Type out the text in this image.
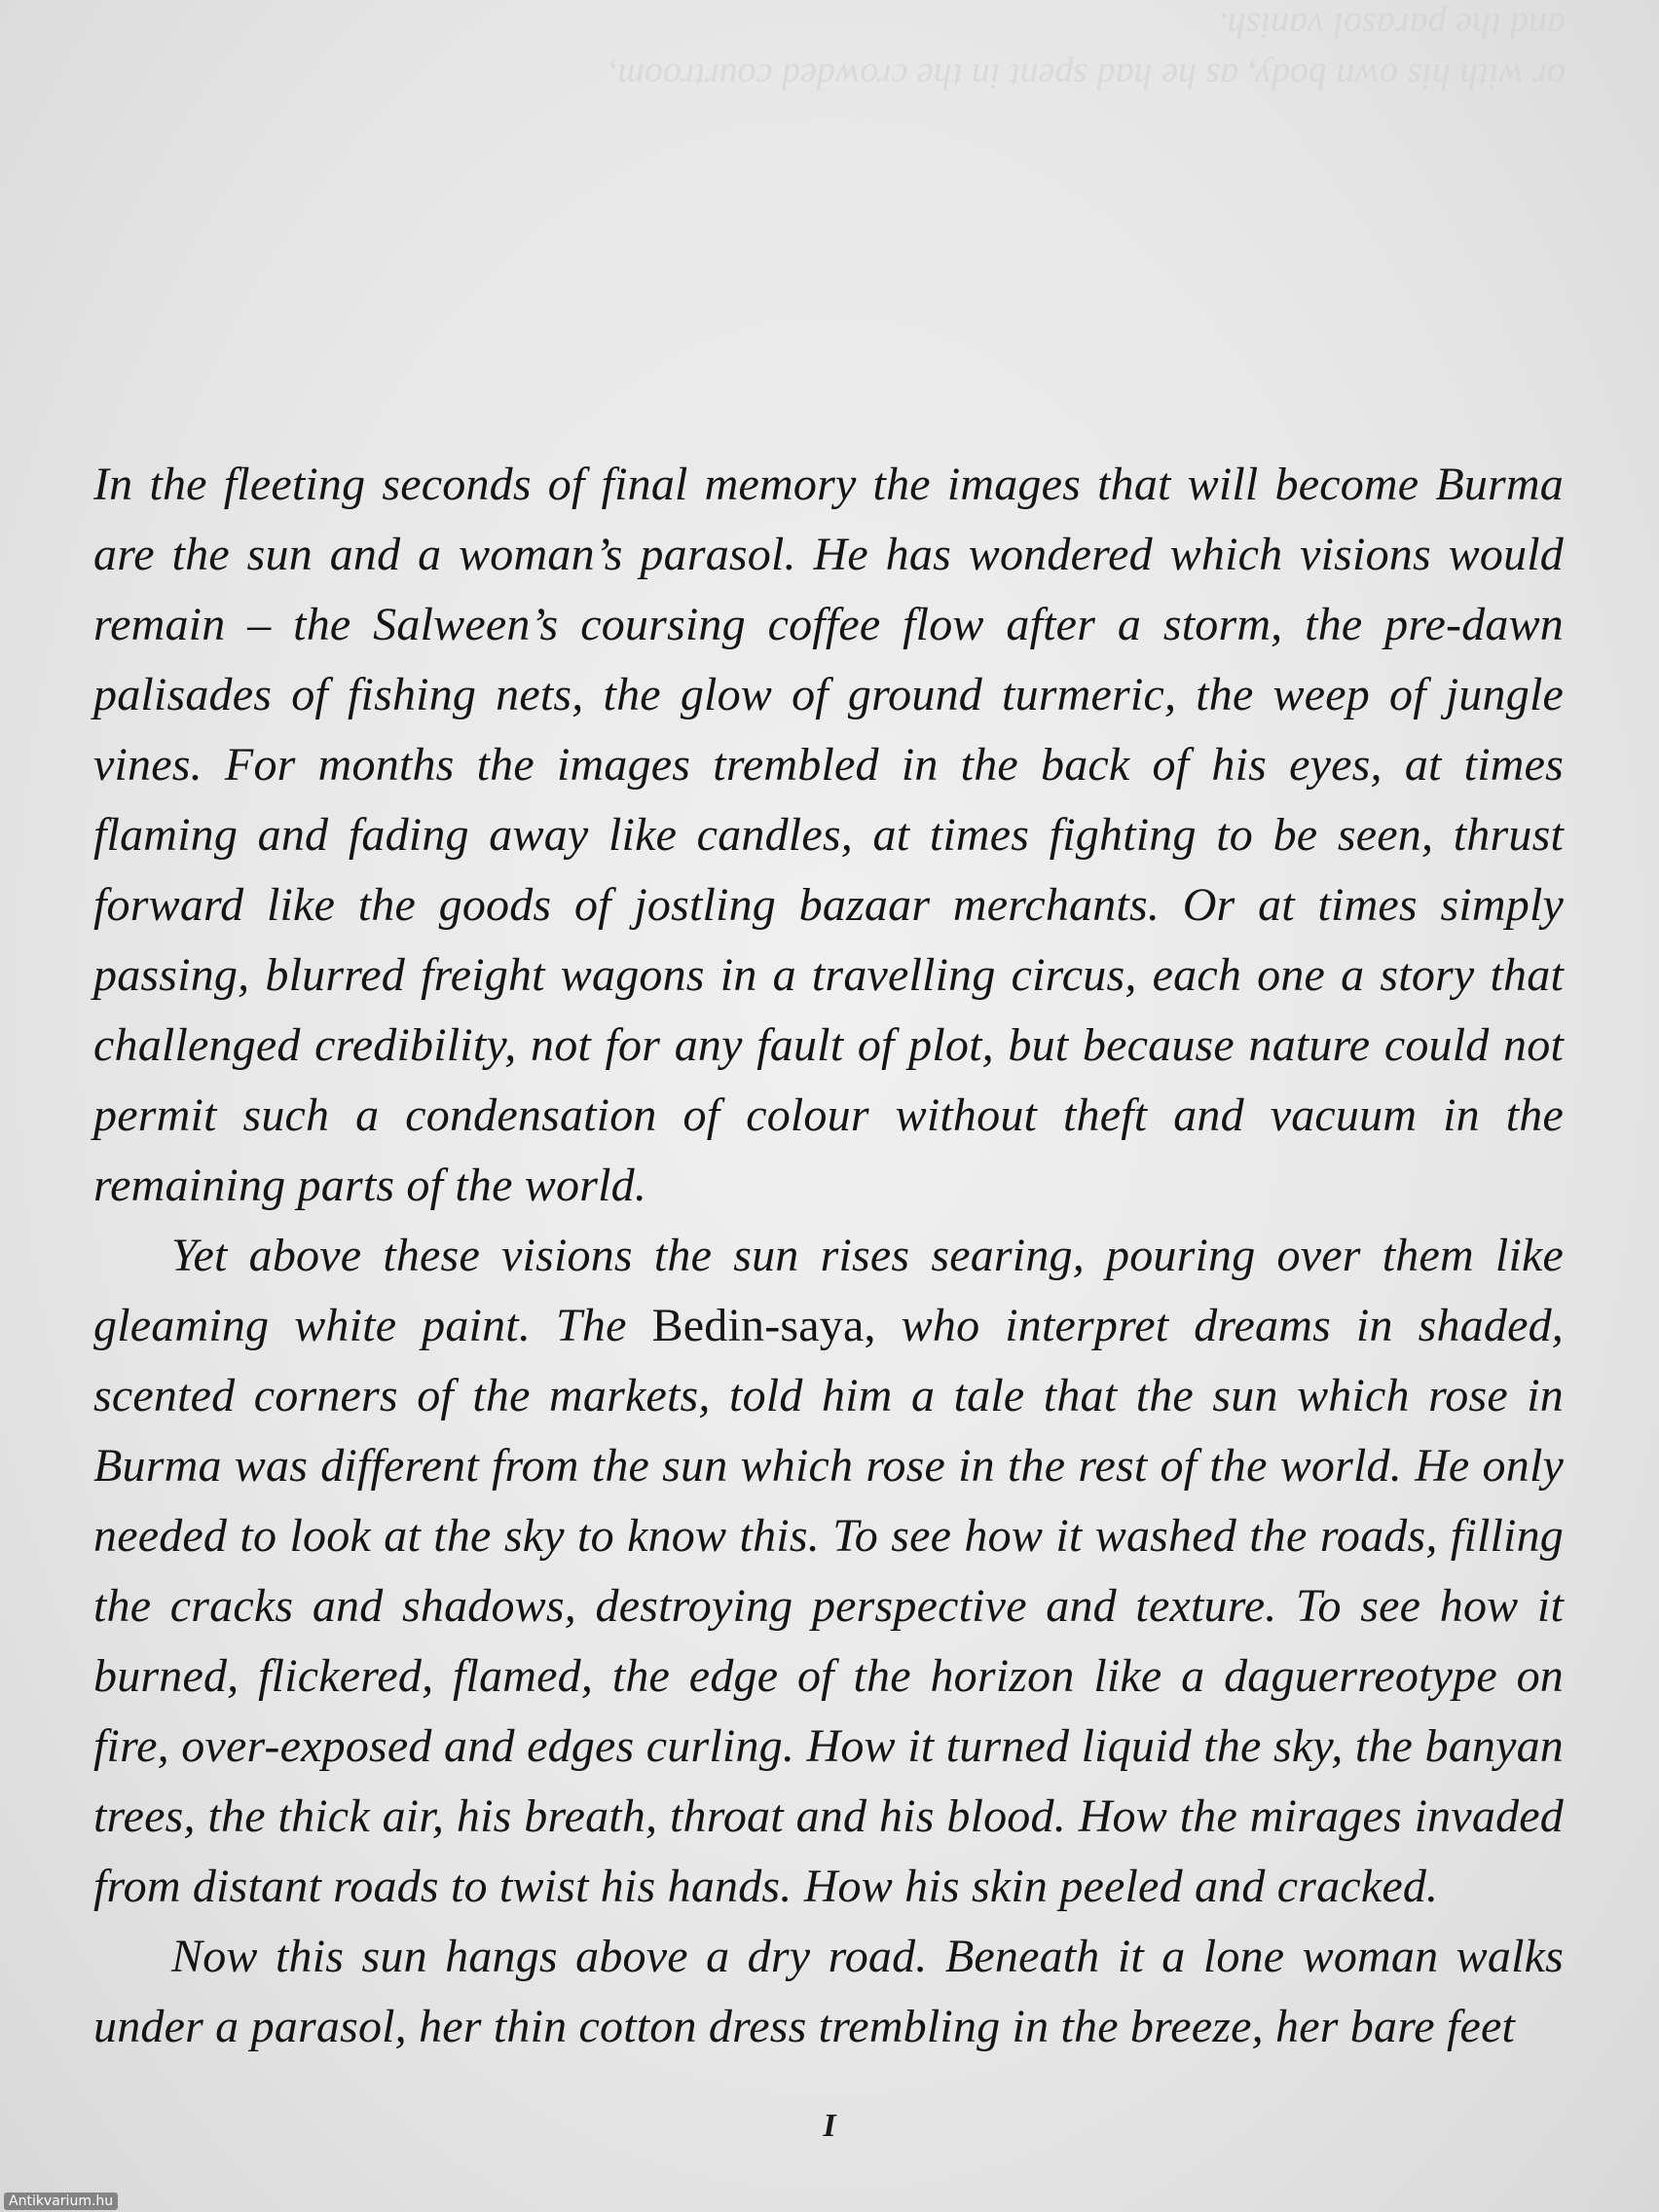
or with his own body, as he had spent in the crowded courtroom,
and the parasol vanish.

In the fleeting seconds of final memory the images that will become Burma are the sun and a woman’s parasol. He has wondered which visions would remain – the Salween’s coursing coffee flow after a storm, the pre-dawn palisades of fishing nets, the glow of ground turmeric, the weep of jungle vines. For months the images trembled in the back of his eyes, at times flaming and fading away like candles, at times fighting to be seen, thrust forward like the goods of jostling bazaar merchants. Or at times simply passing, blurred freight wagons in a travelling circus, each one a story that challenged credibility, not for any fault of plot, but because nature could not permit such a condensation of colour without theft and vacuum in the remaining parts of the world.

Yet above these visions the sun rises searing, pouring over them like gleaming white paint. The Bedin-saya, who interpret dreams in shaded, scented corners of the markets, told him a tale that the sun which rose in Burma was different from the sun which rose in the rest of the world. He only needed to look at the sky to know this. To see how it washed the roads, filling the cracks and shadows, destroying perspective and texture. To see how it burned, flickered, flamed, the edge of the horizon like a daguerreotype on fire, over-exposed and edges curling. How it turned liquid the sky, the banyan trees, the thick air, his breath, throat and his blood. How the mirages invaded from distant roads to twist his hands. How his skin peeled and cracked.

Now this sun hangs above a dry road. Beneath it a lone woman walks under a parasol, her thin cotton dress trembling in the breeze, her bare feet

I
Antikvarium.hu
